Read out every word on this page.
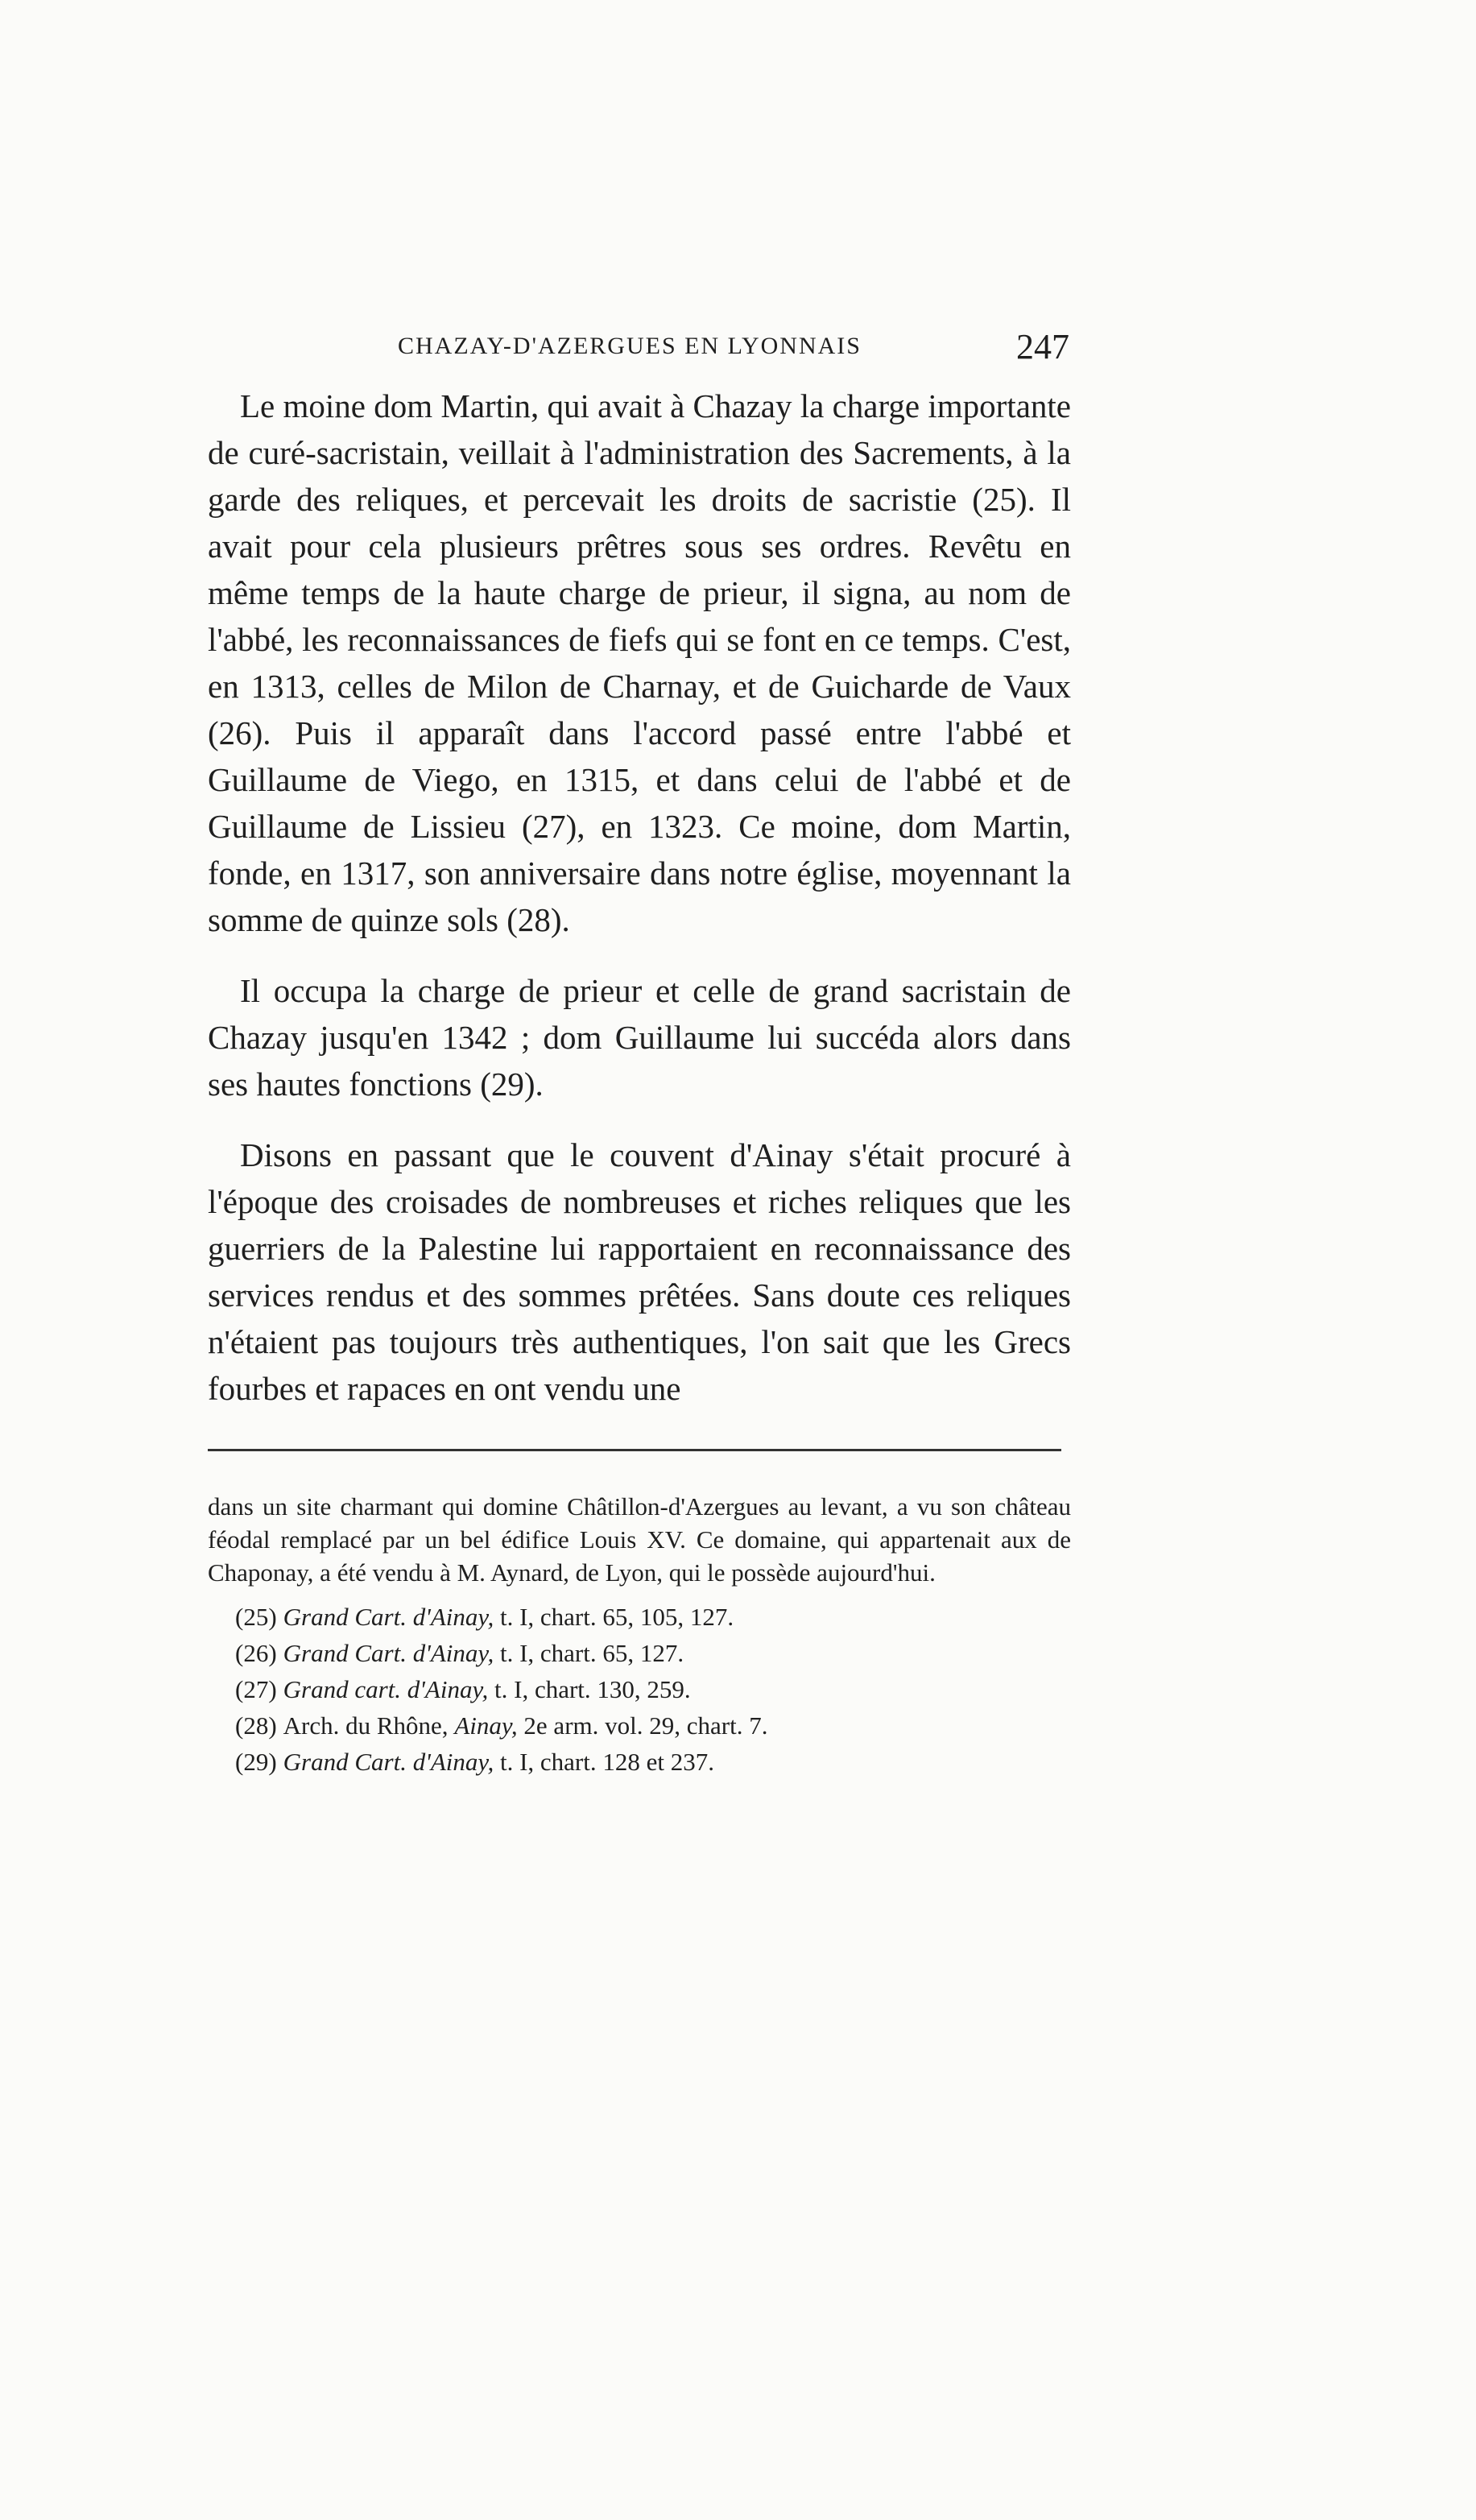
CHAZAY-D'AZERGUES EN LYONNAIS	247

Le moine dom Martin, qui avait à Chazay la charge importante de curé-sacristain, veillait à l'administration des Sacrements, à la garde des reliques, et percevait les droits de sacristie (25). Il avait pour cela plusieurs prêtres sous ses ordres. Revêtu en même temps de la haute charge de prieur, il signa, au nom de l'abbé, les reconnaissances de fiefs qui se font en ce temps. C'est, en 1313, celles de Milon de Charnay, et de Guicharde de Vaux (26). Puis il apparaît dans l'accord passé entre l'abbé et Guillaume de Viego, en 1315, et dans celui de l'abbé et de Guillaume de Lissieu (27), en 1323. Ce moine, dom Martin, fonde, en 1317, son anniversaire dans notre église, moyennant la somme de quinze sols (28).

Il occupa la charge de prieur et celle de grand sacristain de Chazay jusqu'en 1342 ; dom Guillaume lui succéda alors dans ses hautes fonctions (29).

Disons en passant que le couvent d'Ainay s'était procuré à l'époque des croisades de nombreuses et riches reliques que les guerriers de la Palestine lui rapportaient en reconnaissance des services rendus et des sommes prêtées. Sans doute ces reliques n'étaient pas toujours très authentiques, l'on sait que les Grecs fourbes et rapaces en ont vendu une

dans un site charmant qui domine Châtillon-d'Azergues au levant, a vu son château féodal remplacé par un bel édifice Louis XV. Ce domaine, qui appartenait aux de Chaponay, a été vendu à M. Aynard, de Lyon, qui le possède aujourd'hui.

(25) Grand Cart. d'Ainay, t. I, chart. 65, 105, 127.

(26) Grand Cart. d'Ainay, t. I, chart. 65, 127.

(27) Grand cart. d'Ainay, t. I, chart. 130, 259.

(28) Arch. du Rhône, Ainay, 2e arm. vol. 29, chart. 7.

(29) Grand Cart. d'Ainay, t. I, chart. 128 et 237.
